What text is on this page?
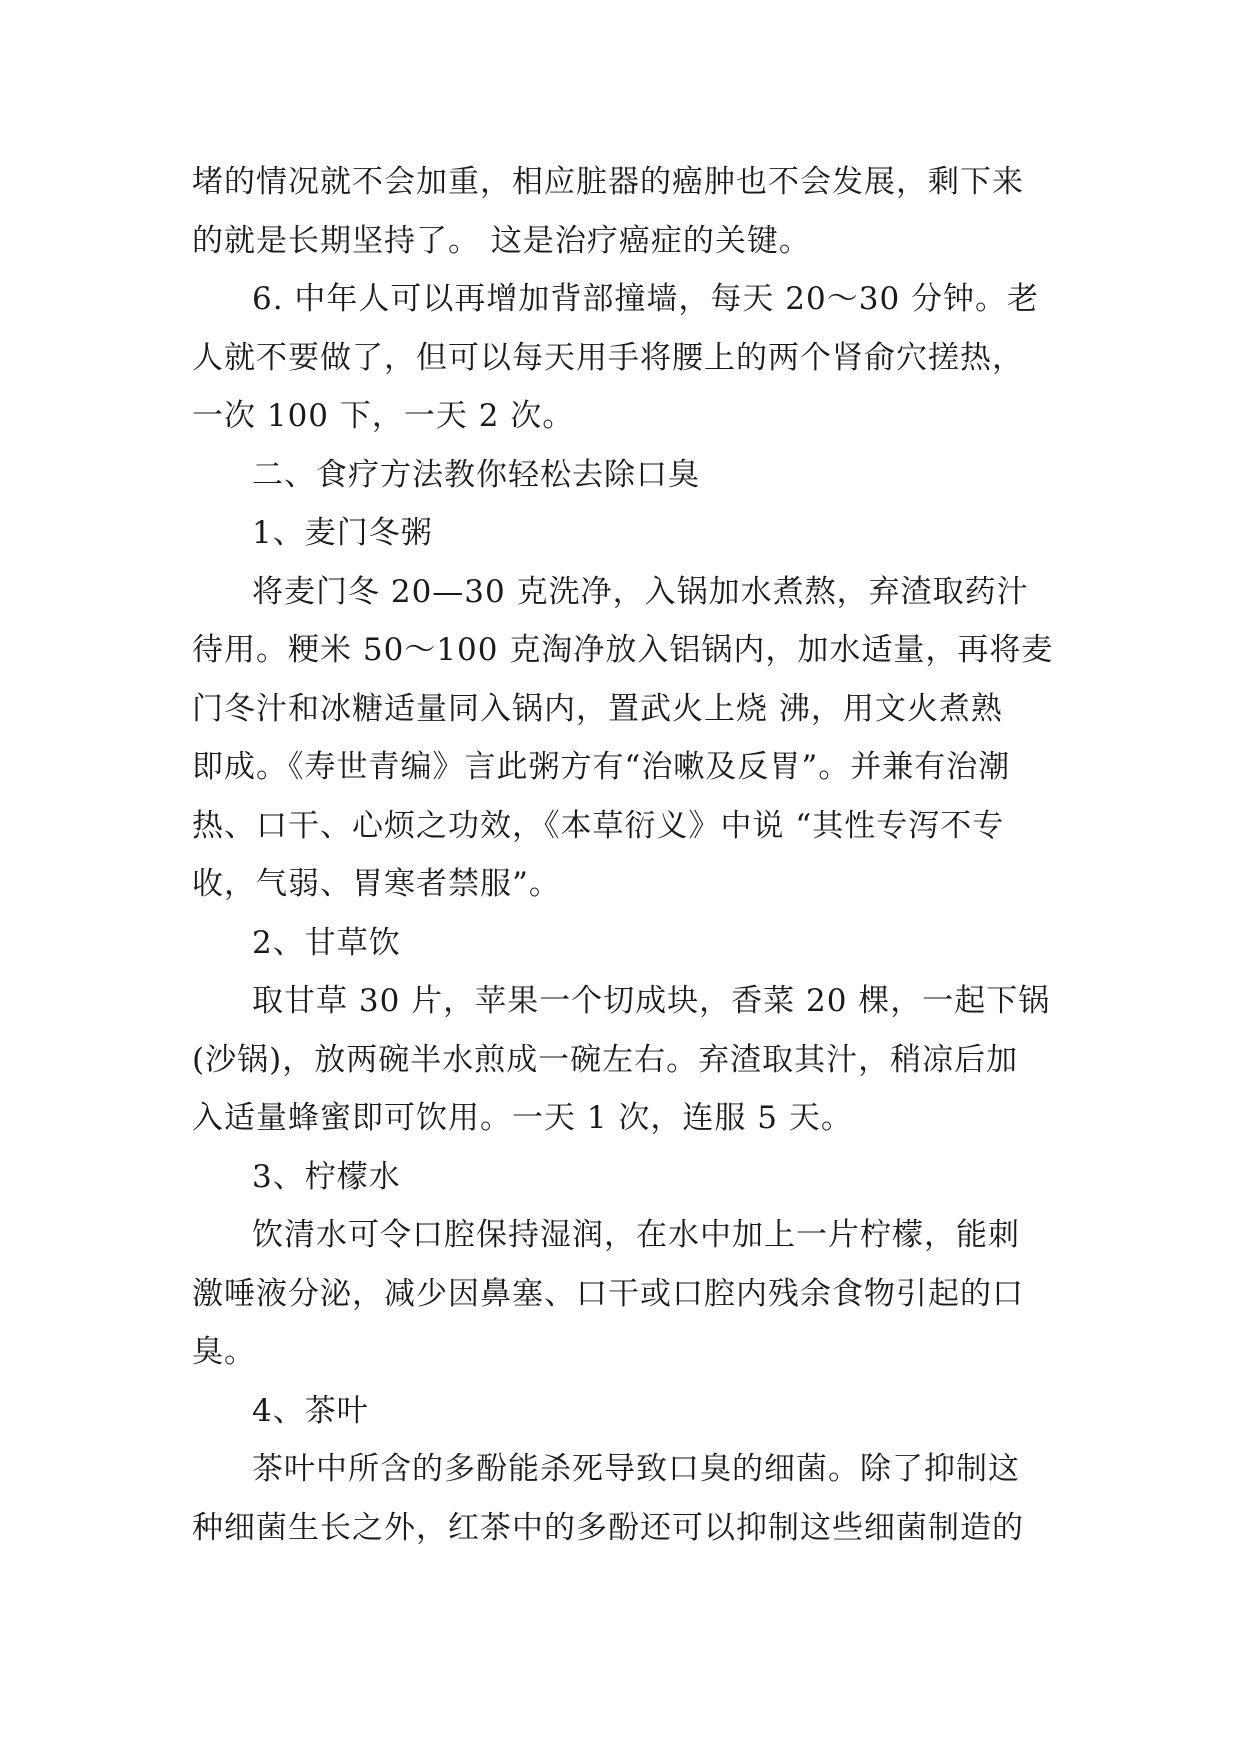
堵的情况就不会加重，相应脏器的癌肿也不会发展，剩下来
的就是长期坚持了。 这是治疗癌症的关键。
6. 中年人可以再增加背部撞墙，每天 20～30 分钟。老
人就不要做了，但可以每天用手将腰上的两个肾俞穴搓热，
一次 100 下，一天 2 次。
二、食疗方法教你轻松去除口臭
1、麦门冬粥
将麦门冬 20—30 克洗净，入锅加水煮熬，弃渣取药汁
待用。粳米 50～100 克淘净放入铝锅内，加水适量，再将麦
门冬汁和冰糖适量同入锅内，置武火上烧 沸，用文火煮熟
即成。《寿世青编》言此粥方有“治嗽及反胃”。并兼有治潮
热、口干、心烦之功效，《本草衍义》中说 “其性专泻不专
收，气弱、胃寒者禁服”。
2、甘草饮
取甘草 30 片，苹果一个切成块，香菜 20 棵，一起下锅
(沙锅)，放两碗半水煎成一碗左右。弃渣取其汁，稍凉后加
入适量蜂蜜即可饮用。一天 1 次，连服 5 天。
3、柠檬水
饮清水可令口腔保持湿润，在水中加上一片柠檬，能刺
激唾液分泌，减少因鼻塞、口干或口腔内残余食物引起的口
臭。
4、茶叶
茶叶中所含的多酚能杀死导致口臭的细菌。除了抑制这
种细菌生长之外，红茶中的多酚还可以抑制这些细菌制造的
